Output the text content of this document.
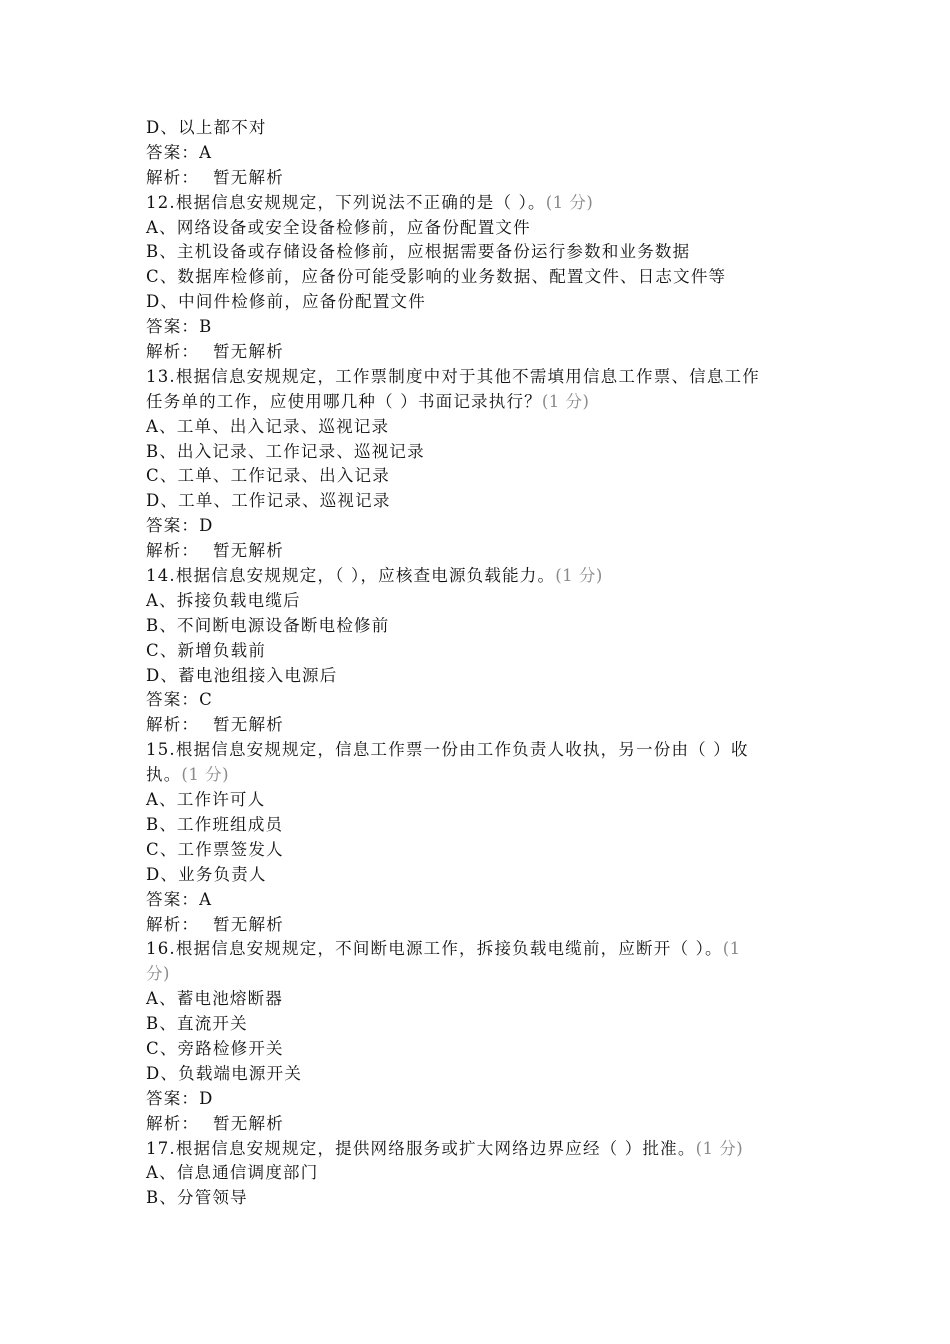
D、以上都不对
答案：A
解析： 暂无解析
12.根据信息安规规定，下列说法不正确的是（ ）。(1 分)
A、网络设备或安全设备检修前，应备份配置文件
B、主机设备或存储设备检修前，应根据需要备份运行参数和业务数据
C、数据库检修前，应备份可能受影响的业务数据、配置文件、日志文件等
D、中间件检修前，应备份配置文件
答案：B
解析： 暂无解析
13.根据信息安规规定，工作票制度中对于其他不需填用信息工作票、信息工作
任务单的工作，应使用哪几种（ ）书面记录执行？(1 分)
A、工单、出入记录、巡视记录
B、出入记录、工作记录、巡视记录
C、工单、工作记录、出入记录
D、工单、工作记录、巡视记录
答案：D
解析： 暂无解析
14.根据信息安规规定，（ ），应核查电源负载能力。(1 分)
A、拆接负载电缆后
B、不间断电源设备断电检修前
C、新增负载前
D、蓄电池组接入电源后
答案：C
解析： 暂无解析
15.根据信息安规规定，信息工作票一份由工作负责人收执，另一份由（ ）收
执。(1 分)
A、工作许可人
B、工作班组成员
C、工作票签发人
D、业务负责人
答案：A
解析： 暂无解析
16.根据信息安规规定，不间断电源工作，拆接负载电缆前，应断开（ ）。(1
分)
A、蓄电池熔断器
B、直流开关
C、旁路检修开关
D、负载端电源开关
答案：D
解析： 暂无解析
17.根据信息安规规定，提供网络服务或扩大网络边界应经（ ）批准。(1 分)
A、信息通信调度部门
B、分管领导
